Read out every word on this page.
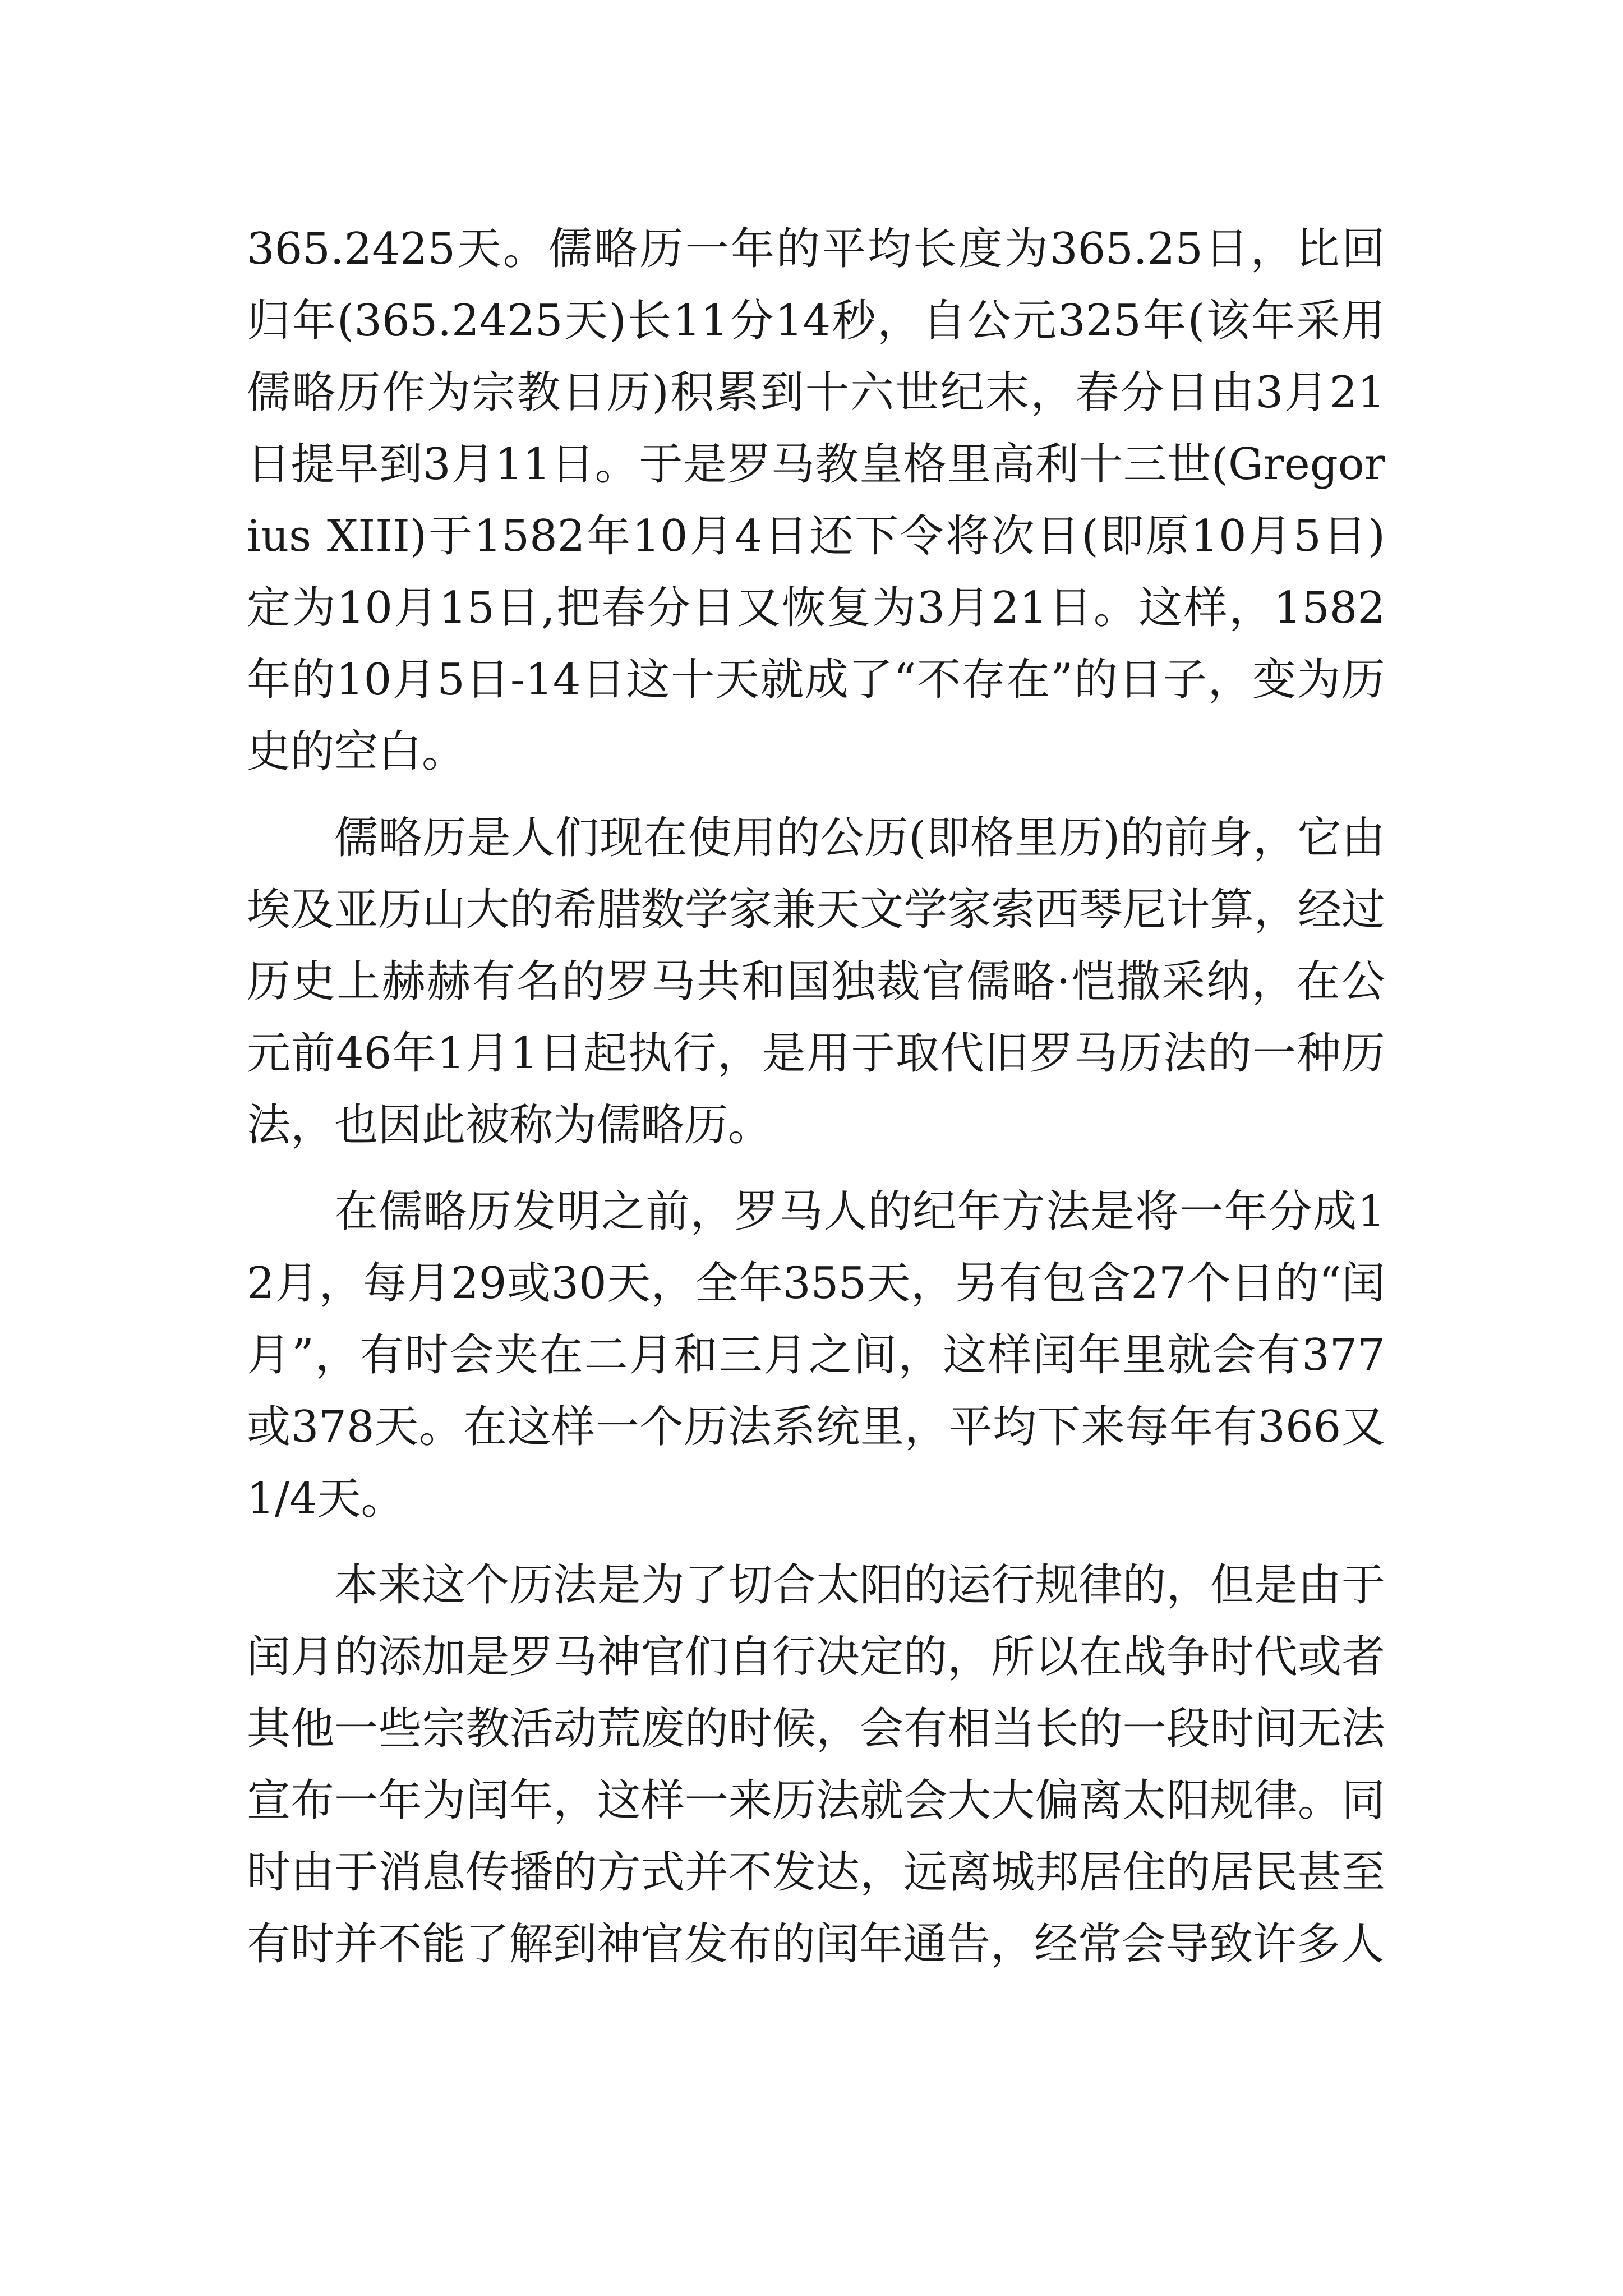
365.2425天。儒略历一年的平均长度为365.25日，比回归年(365.2425天)长11分14秒，自公元325年(该年采用儒略历作为宗教日历)积累到十六世纪末，春分日由3月21日提早到3月11日。于是罗马教皇格里高利十三世(Gregorius XIII)于1582年10月4日还下令将次日(即原10月5日)定为10月15日,把春分日又恢复为3月21日。这样，1582年的10月5日-14日这十天就成了“不存在”的日子，变为历史的空白。

儒略历是人们现在使用的公历(即格里历)的前身，它由埃及亚历山大的希腊数学家兼天文学家索西琴尼计算，经过历史上赫赫有名的罗马共和国独裁官儒略·恺撒采纳，在公元前46年1月1日起执行，是用于取代旧罗马历法的一种历法，也因此被称为儒略历。

在儒略历发明之前，罗马人的纪年方法是将一年分成12月，每月29或30天，全年355天，另有包含27个日的“闰月”，有时会夹在二月和三月之间，这样闰年里就会有377或378天。在这样一个历法系统里，平均下来每年有366又1/4天。

本来这个历法是为了切合太阳的运行规律的，但是由于闰月的添加是罗马神官们自行决定的，所以在战争时代或者其他一些宗教活动荒废的时候，会有相当长的一段时间无法宣布一年为闰年，这样一来历法就会大大偏离太阳规律。同时由于消息传播的方式并不发达，远离城邦居住的居民甚至有时并不能了解到神官发布的闰年通告，经常会导致许多人
